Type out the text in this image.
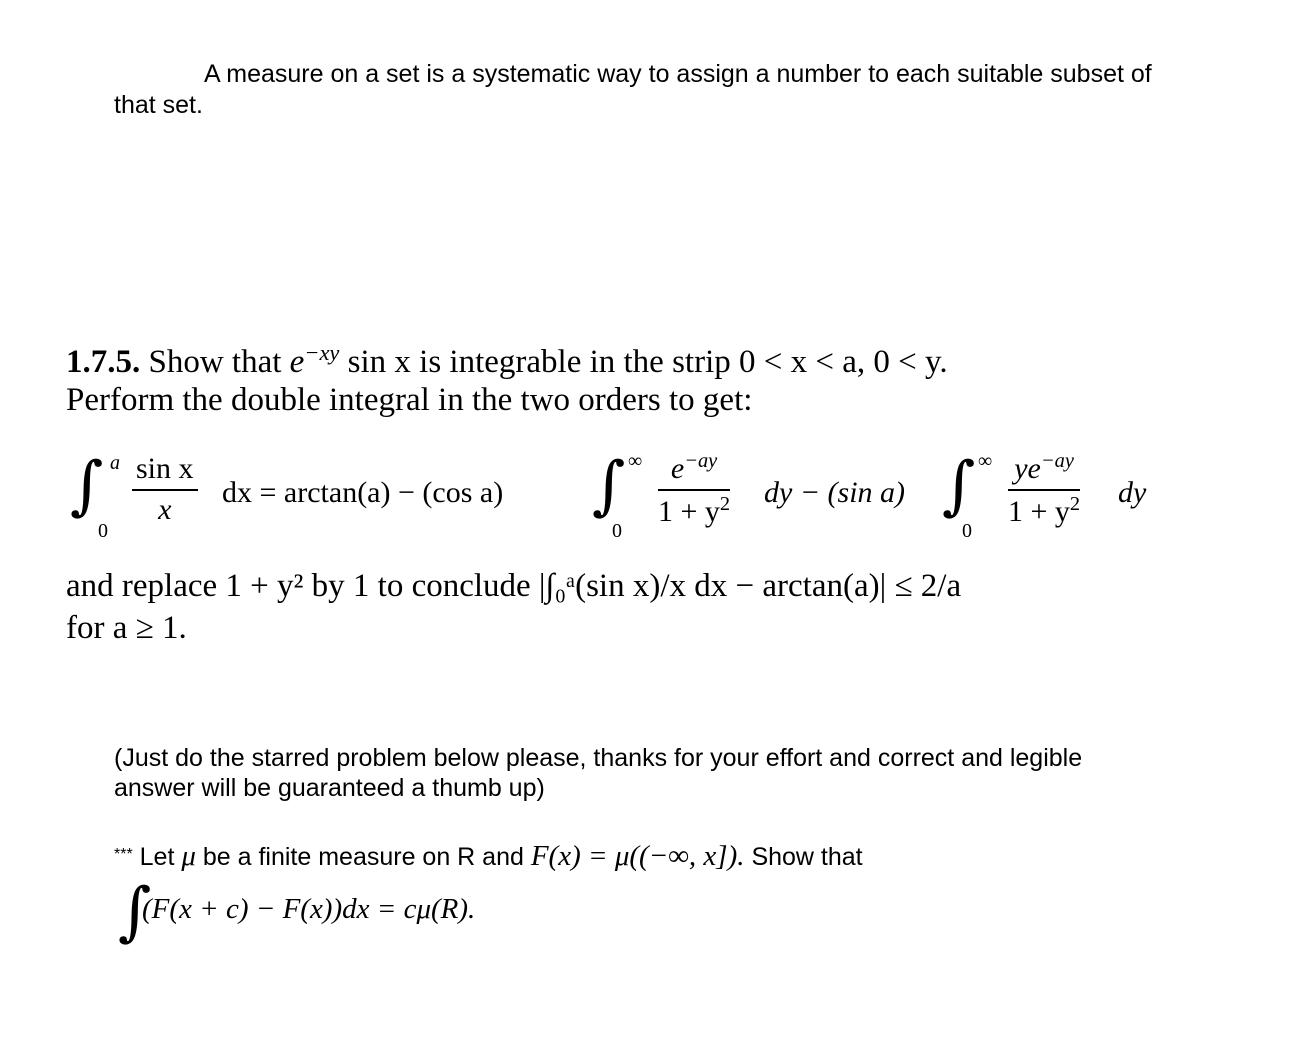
A measure on a set is a systematic way to assign a number to each suitable subset of
that set.
1.7.5. Show that $e^{-xy}$ sin x is integrable in the strip 0 < x < a, 0 < y.
Perform the double integral in the two orders to get:
∫ a
0
$\frac{\text{sin x}}{x}$ dx = arctan(a) − (cos a) ∫ ∞
0
$\frac{e^{-ay}}{1 + y^2}$ dy − (sin a) ∫ ∞
0
$\frac{ye^{-ay}}{1 + y^2}$ dy
and replace 1 + y² by 1 to conclude |∫₀ᵃ(sin x)/x dx − arctan(a)| ≤ 2/a
for a ≥ 1.
(Just do the starred problem below please, thanks for your effort and correct and legible
answer will be guaranteed a thumb up)
*** Let μ be a finite measure on R and F(x) = μ((−∞, x]). Show that
∫
(F(x + c) − F(x))dx = cμ(R).
